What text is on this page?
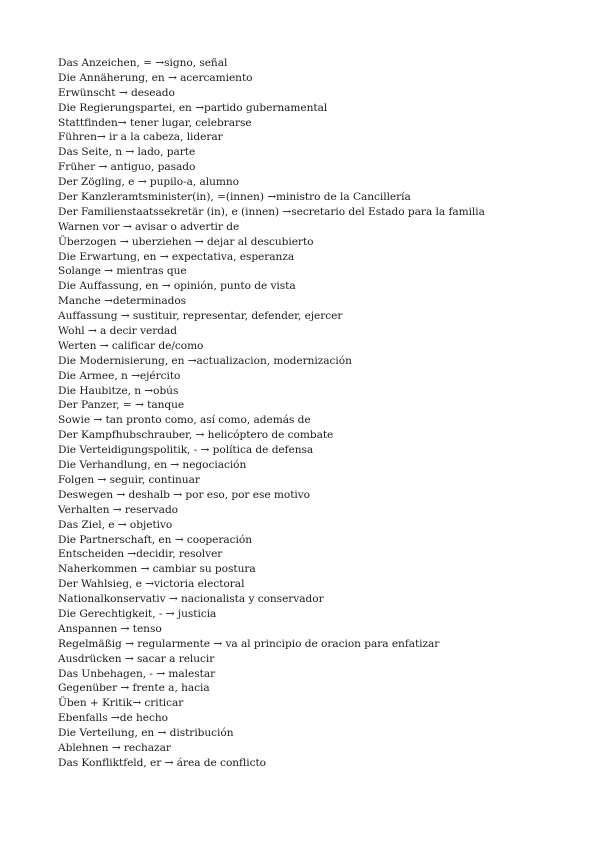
Das Anzeichen, = →signo, señal
Die Annäherung, en → acercamiento
Erwünscht → deseado
Die Regierungspartei, en →partido gubernamental
Stattfinden→ tener lugar, celebrarse
Führen→ ir a la cabeza, liderar
Das Seite, n → lado, parte
Früher → antiguo, pasado
Der Zögling, e → pupilo-a, alumno
Der Kanzleramtsminister(in), =(innen) →ministro de la Cancillería
Der Familienstaatssekretär (in), e (innen) →secretario del Estado para la familia
Warnen vor → avisar o advertir de
Überzogen → uberziehen → dejar al descubierto
Die Erwartung, en → expectativa, esperanza
Solange → mientras que
Die Auffassung, en → opinión, punto de vista
Manche →determinados
Auffassung → sustituir, representar, defender, ejercer
Wohl → a decir verdad
Werten → calificar de/como
Die Modernisierung, en →actualizacion, modernización
Die Armee, n →ejército
Die Haubitze, n →obús
Der Panzer, = → tanque
Sowie → tan pronto como, así como, además de
Der Kampfhubschrauber, → helicóptero de combate
Die Verteidigungspolitik, - → política de defensa
Die Verhandlung, en → negociación
Folgen → seguir, continuar
Deswegen → deshalb → por eso, por ese motivo
Verhalten → reservado
Das Ziel, e → objetivo
Die Partnerschaft, en → cooperación
Entscheiden →decidir, resolver
Naherkommen → cambiar su postura
Der Wahlsieg, e →victoria electoral
Nationalkonservativ → nacionalista y conservador
Die Gerechtigkeit, - → justicia
Anspannen → tenso
Regelmäßig → regularmente → va al principio de oracion para enfatizar
Ausdrücken → sacar a relucir
Das Unbehagen, - → malestar
Gegenüber → frente a, hacia
Üben + Kritik→ criticar
Ebenfalls →de hecho
Die Verteilung, en → distribución
Ablehnen → rechazar
Das Konfliktfeld, er → área de conflicto
